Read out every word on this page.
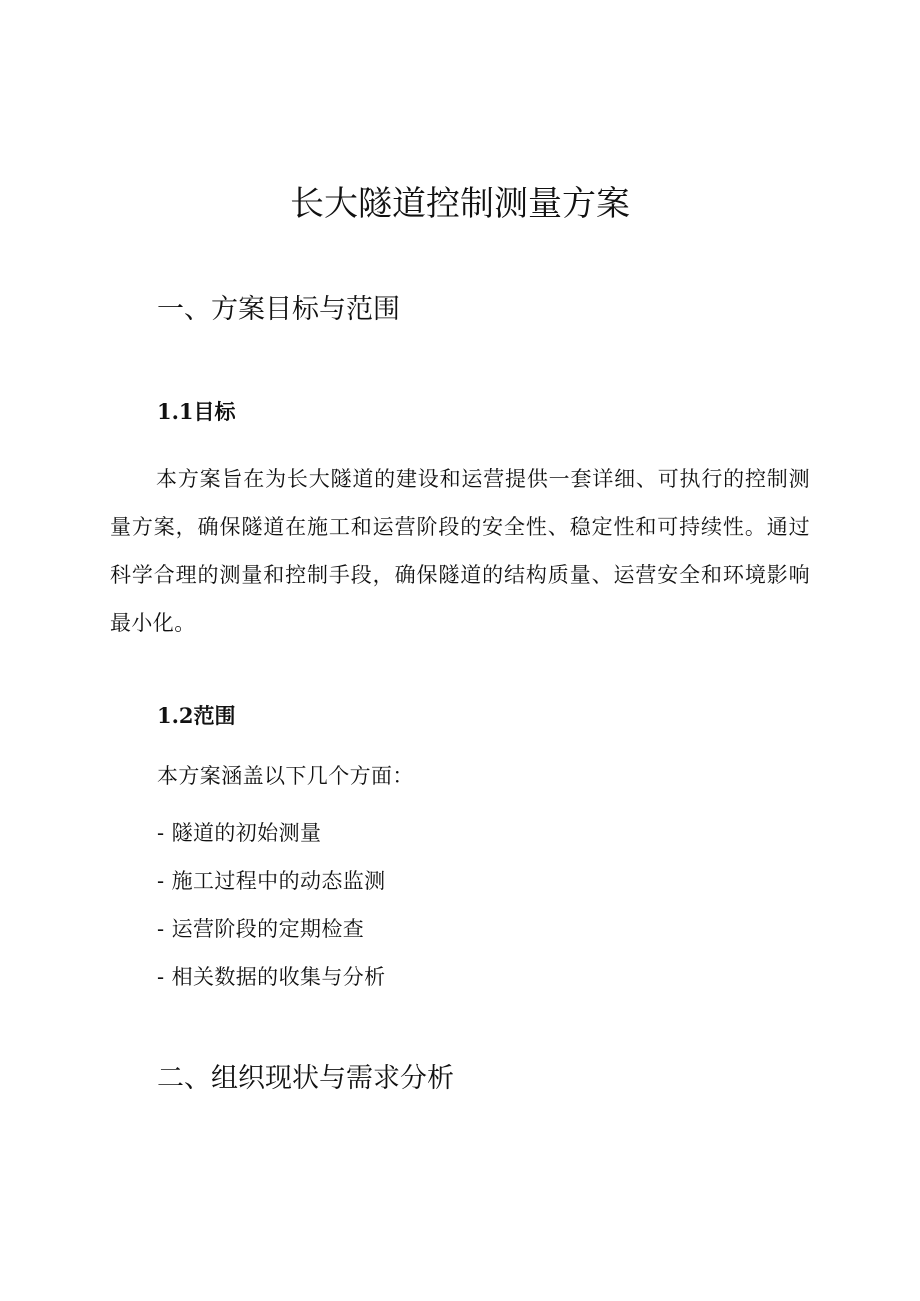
长大隧道控制测量方案
一、方案目标与范围
1.1目标

本方案旨在为长大隧道的建设和运营提供一套详细、可执行的控制测量方案，确保隧道在施工和运营阶段的安全性、稳定性和可持续性。通过科学合理的测量和控制手段，确保隧道的结构质量、运营安全和环境影响最小化。

1.2范围

本方案涵盖以下几个方面：

- 隧道的初始测量
- 施工过程中的动态监测
- 运营阶段的定期检查
- 相关数据的收集与分析
二、组织现状与需求分析
